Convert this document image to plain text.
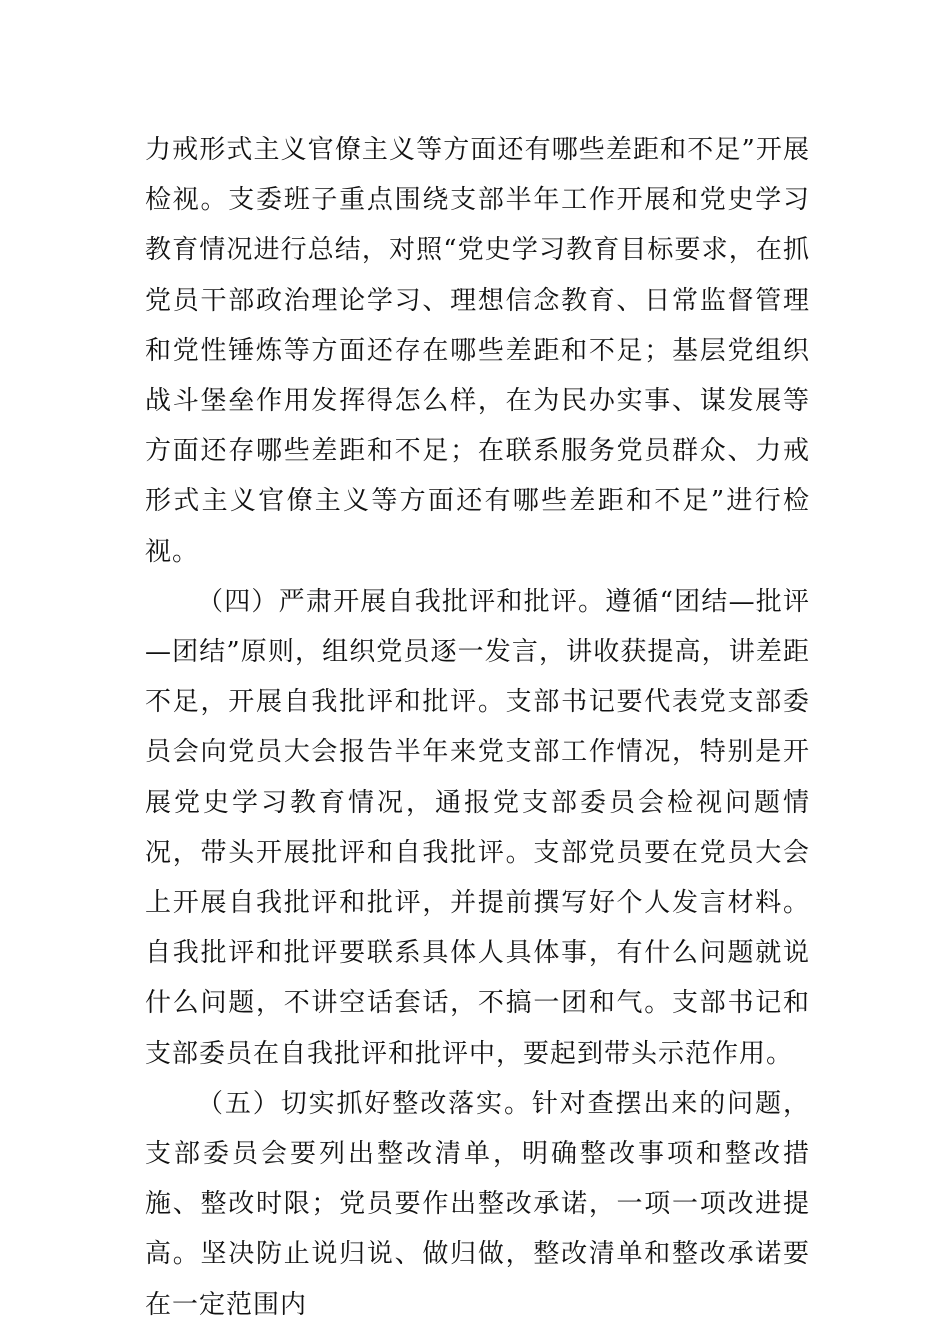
力戒形式主义官僚主义等方面还有哪些差距和不足”开展检视。支委班子重点围绕支部半年工作开展和党史学习教育情况进行总结，对照“党史学习教育目标要求，在抓党员干部政治理论学习、理想信念教育、日常监督管理和党性锤炼等方面还存在哪些差距和不足；基层党组织战斗堡垒作用发挥得怎么样，在为民办实事、谋发展等方面还存哪些差距和不足；在联系服务党员群众、力戒形式主义官僚主义等方面还有哪些差距和不足”进行检视。

（四）严肃开展自我批评和批评。遵循“团结—批评—团结”原则，组织党员逐一发言，讲收获提高，讲差距不足，开展自我批评和批评。支部书记要代表党支部委员会向党员大会报告半年来党支部工作情况，特别是开展党史学习教育情况，通报党支部委员会检视问题情况，带头开展批评和自我批评。支部党员要在党员大会上开展自我批评和批评，并提前撰写好个人发言材料。自我批评和批评要联系具体人具体事，有什么问题就说什么问题，不讲空话套话，不搞一团和气。支部书记和支部委员在自我批评和批评中，要起到带头示范作用。

（五）切实抓好整改落实。针对查摆出来的问题，支部委员会要列出整改清单，明确整改事项和整改措施、整改时限；党员要作出整改承诺，一项一项改进提高。坚决防止说归说、做归做，整改清单和整改承诺要在一定范围内
